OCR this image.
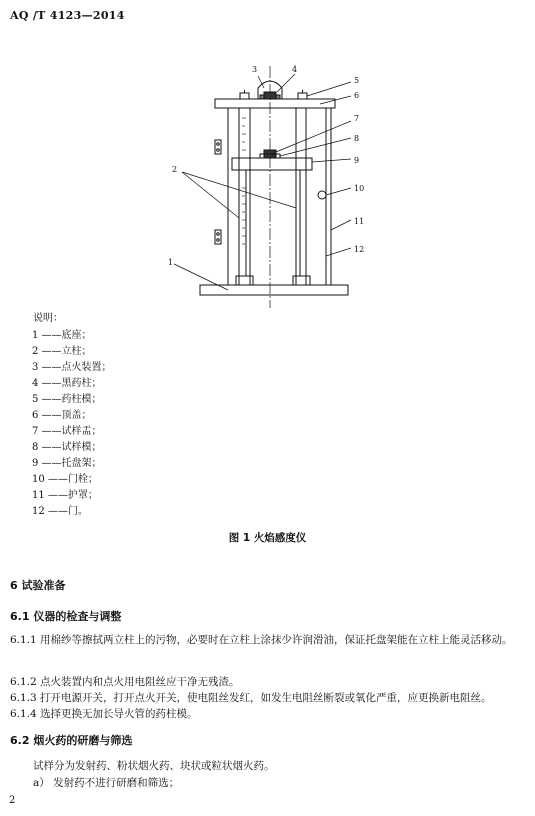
AQ /T 4123—2014
3	4
5
6
7
8
9
10
11
12
2
1
说明：
1 ——底座；
2 ——立柱；
3 ——点火装置；
4 ——黑药柱；
5 ——药柱模；
6 ——顶盖；
7 ——试样盂；
8 ——试样模；
9 ——托盘架；
10 ——门栓；
11 ——护罩；
12 ——门。
图 1 火焰感度仪
6 试验准备
6.1 仪器的检查与调整
6.1.1 用棉纱等擦拭两立柱上的污物，必要时在立柱上涂抹少许润滑油，保证托盘架能在立柱上能灵活移动。
6.1.2 点火装置内和点火用电阻丝应干净无残渣。
6.1.3 打开电源开关，打开点火开关，使电阻丝发红，如发生电阻丝断裂或氧化严重，应更换新电阻丝。
6.1.4 选择更换无加长导火管的药柱模。
6.2 烟火药的研磨与筛选
试样分为发射药、粉状烟火药、块状或粒状烟火药。
a） 发射药不进行研磨和筛选；
2
